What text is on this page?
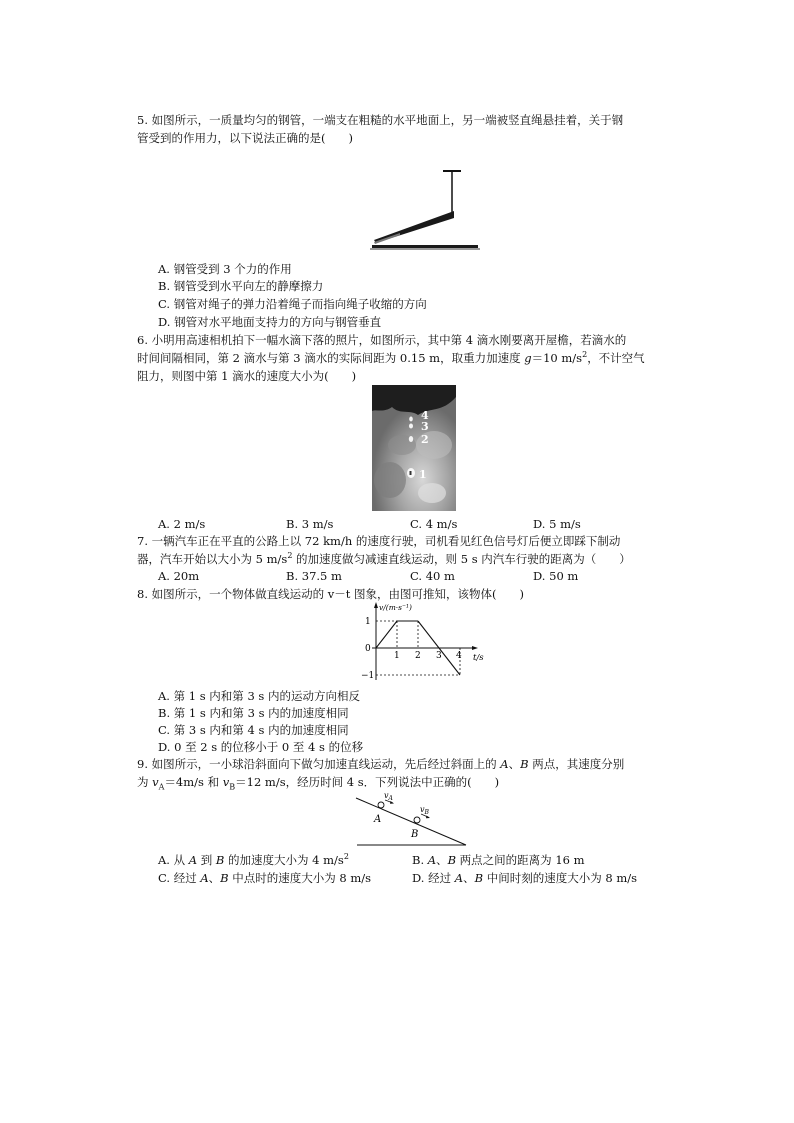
5. 如图所示，一质量均匀的钢管，一端支在粗糙的水平地面上，另一端被竖直绳悬挂着，关于钢
管受到的作用力，以下说法正确的是(　　)
A. 钢管受到 3 个力的作用
B. 钢管受到水平向左的静摩擦力
C. 钢管对绳子的弹力沿着绳子而指向绳子收缩的方向
D. 钢管对水平地面支持力的方向与钢管垂直
6. 小明用高速相机拍下一幅水滴下落的照片，如图所示，其中第 4 滴水刚要离开屋檐，若滴水的
时间间隔相同，第 2 滴水与第 3 滴水的实际间距为 0.15 m，取重力加速度 g＝10 $m/s^2$，不计空气
阻力，则图中第 1 滴水的速度大小为(　　)
4
3
2
1
A. 2 m/s	B. 3 m/s	C. 4 m/s	D. 5 m/s
7. 一辆汽车正在平直的公路上以 72 km/h 的速度行驶，司机看见红色信号灯后便立即踩下制动
器，汽车开始以大小为 5 $m/s^2$ 的加速度做匀减速直线运动，则 5 s 内汽车行驶的距离为（　　）
A. 20m	B. 37.5 m	C. 40 m	D. 50 m
8. 如图所示，一个物体做直线运动的 v－t 图象，由图可推知，该物体(　　)
v/(m·s⁻¹)
t/s
1
0
−1
1 2 3 4
A. 第 1 s 内和第 3 s 内的运动方向相反
B. 第 1 s 内和第 3 s 内的加速度相同
C. 第 3 s 内和第 4 s 内的加速度相同
D. 0 至 2 s 的位移小于 0 至 4 s 的位移
9. 如图所示，一小球沿斜面向下做匀加速直线运动，先后经过斜面上的 A、B 两点，其速度分别
为 $v_A=4m/s$ 和 $v_B=12$ m/s，经历时间 4 s．下列说法中正确的(　　)
$v_A$
$v_B$
A
B
A. 从 A 到 B 的加速度大小为 4 $m/s^2$	B. A、B 两点之间的距离为 16 m
C. 经过 A、B 中点时的速度大小为 8 m/s	D. 经过 A、B 中间时刻的速度大小为 8 m/s
